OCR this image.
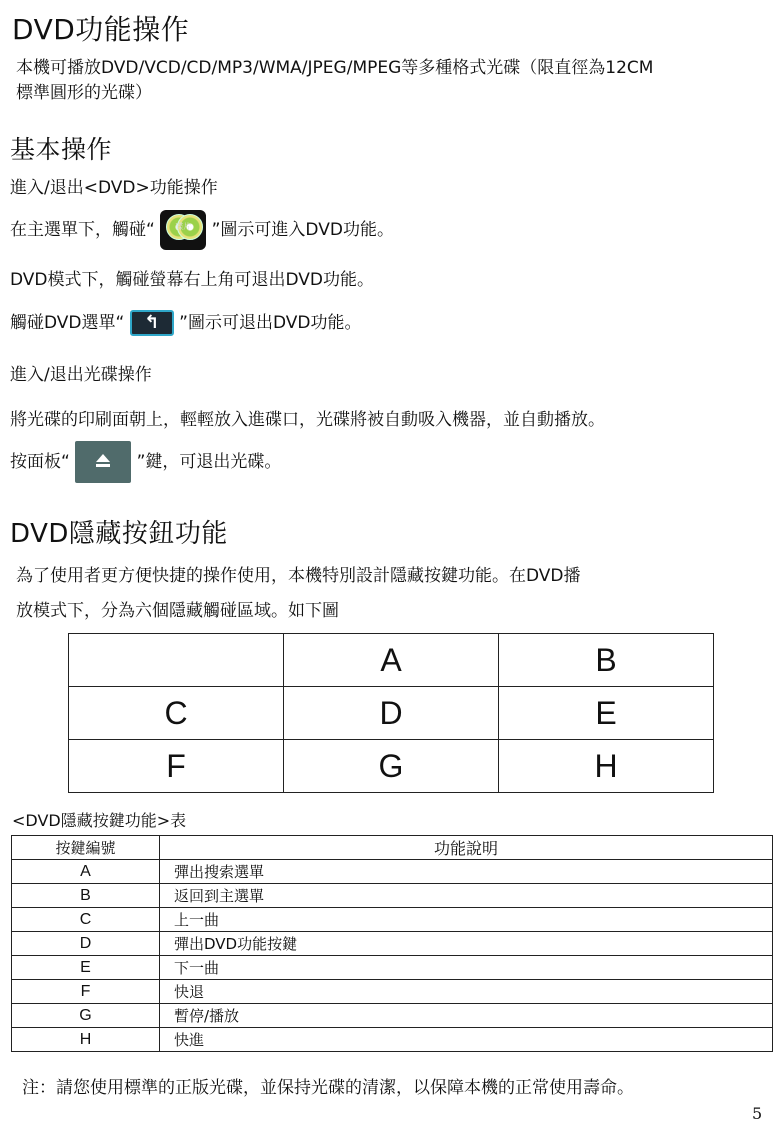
DVD功能操作
本機可播放DVD/VCD/CD/MP3/WMA/JPEG/MPEG等多種格式光碟（限直徑為12CM
標準圓形的光碟）
基本操作
進入/退出<DVD>功能操作
在主選單下，觸碰“	碟片	”圖示可進入DVD功能。
DVD模式下，觸碰螢幕右上角可退出DVD功能。
觸碰DVD選單“ ↰ ”圖示可退出DVD功能。
進入/退出光碟操作
將光碟的印刷面朝上，輕輕放入進碟口，光碟將被自動吸入機器，並自動播放。
按面板“	”鍵，可退出光碟。
DVD隱藏按鈕功能
為了使用者更方便快捷的操作使用，本機特別設計隱藏按鍵功能。在DVD播
放模式下，分為六個隱藏觸碰區域。如下圖
	A	B
C	D	E
F	G	H
<DVD隱藏按鍵功能>表
按鍵編號	功能說明
A	彈出搜索選單
B	返回到主選單
C	上一曲
D	彈出DVD功能按鍵
E	下一曲
F	快退
G	暫停/播放
H	快進
注：請您使用標準的正版光碟，並保持光碟的清潔，以保障本機的正常使用壽命。
5
